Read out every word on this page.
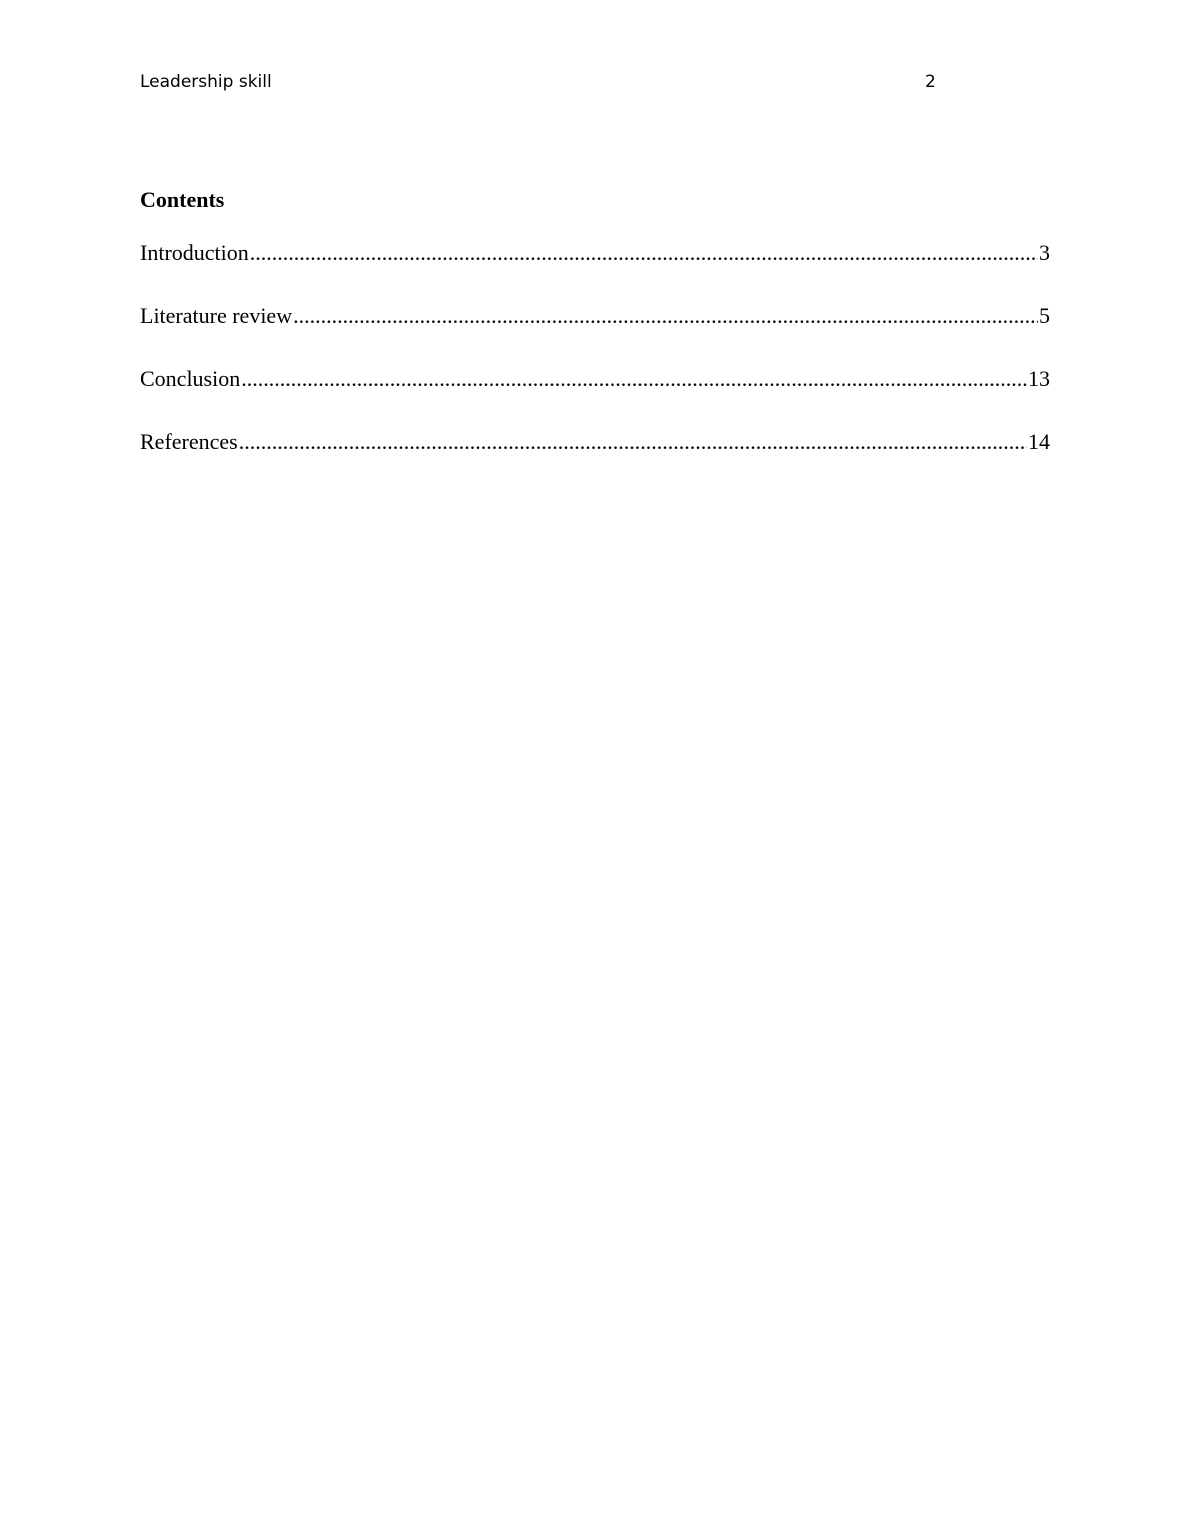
Leadership skill	2
Contents
Introduction .....	3
Literature review .....	5
Conclusion .....	13
References .....	14
